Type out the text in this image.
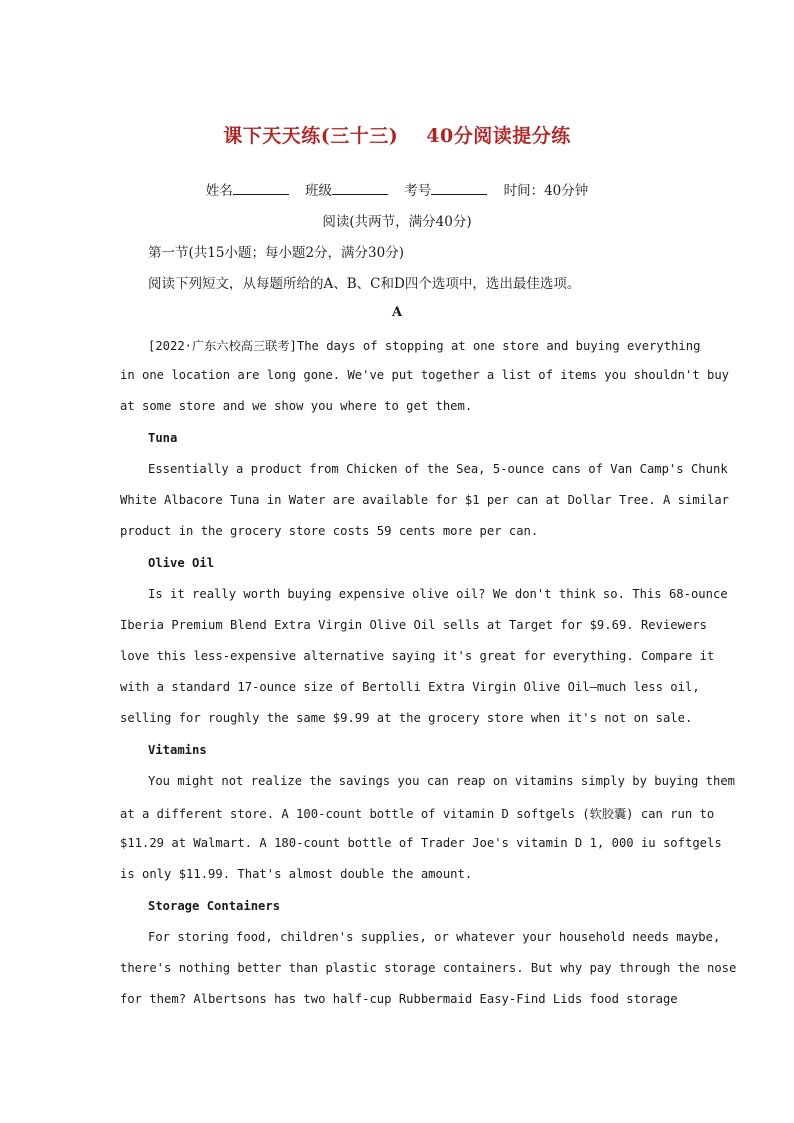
课下天天练(三十三) 40分阅读提分练
姓名	班级	考号	时间：40分钟
阅读(共两节，满分40分)
第一节(共15小题；每小题2分，满分30分)
阅读下列短文，从每题所给的A、B、C和D四个选项中，选出最佳选项。
A
[2022·广东六校高三联考]The days of stopping at one store and buying everything
in one location are long gone. We've put together a list of items you shouldn't buy
at some store and we show you where to get them.
Tuna
Essentially a product from Chicken of the Sea, 5-ounce cans of Van Camp's Chunk
White Albacore Tuna in Water are available for $1 per can at Dollar Tree. A similar
product in the grocery store costs 59 cents more per can.
Olive Oil
Is it really worth buying expensive olive oil? We don't think so. This 68-ounce
Iberia Premium Blend Extra Virgin Olive Oil sells at Target for $9.69. Reviewers
love this less-expensive alternative saying it's great for everything. Compare it
with a standard 17-ounce size of Bertolli Extra Virgin Olive Oil—much less oil,
selling for roughly the same $9.99 at the grocery store when it's not on sale.
Vitamins
You might not realize the savings you can reap on vitamins simply by buying them
at a different store. A 100-count bottle of vitamin D softgels (软胶囊) can run to
$11.29 at Walmart. A 180-count bottle of Trader Joe's vitamin D 1, 000 iu softgels
is only $11.99. That's almost double the amount.
Storage Containers
For storing food, children's supplies, or whatever your household needs maybe,
there's nothing better than plastic storage containers. But why pay through the nose
for them? Albertsons has two half-cup Rubbermaid Easy-Find Lids food storage
